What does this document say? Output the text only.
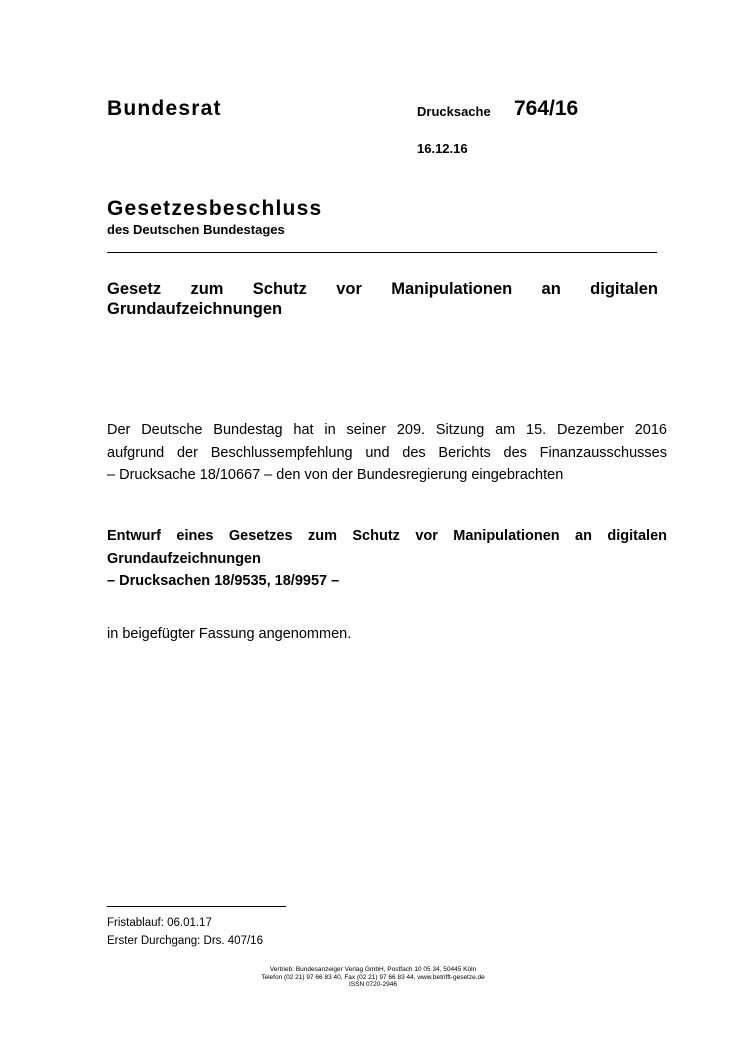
Bundesrat	Drucksache 764/16
16.12.16
Gesetzesbeschluss
des Deutschen Bundestages
Gesetz zum Schutz vor Manipulationen an digitalen Grundaufzeichnungen
Der Deutsche Bundestag hat in seiner 209. Sitzung am 15. Dezember 2016
aufgrund der Beschlussempfehlung und des Berichts des Finanzausschusses
– Drucksache 18/10667 – den von der Bundesregierung eingebrachten
Entwurf eines Gesetzes zum Schutz vor Manipulationen an digitalen
Grundaufzeichnungen
– Drucksachen 18/9535, 18/9957 –
in beigefügter Fassung angenommen.
Fristablauf: 06.01.17
Erster Durchgang: Drs. 407/16
Vertrieb: Bundesanzeiger Verlag GmbH, Postfach 10 05 34, 50445 Köln
Telefon (02 21) 97 66 83 40, Fax (02 21) 97 66 83 44, www.betrifft-gesetze.de
ISSN 0720-2946
